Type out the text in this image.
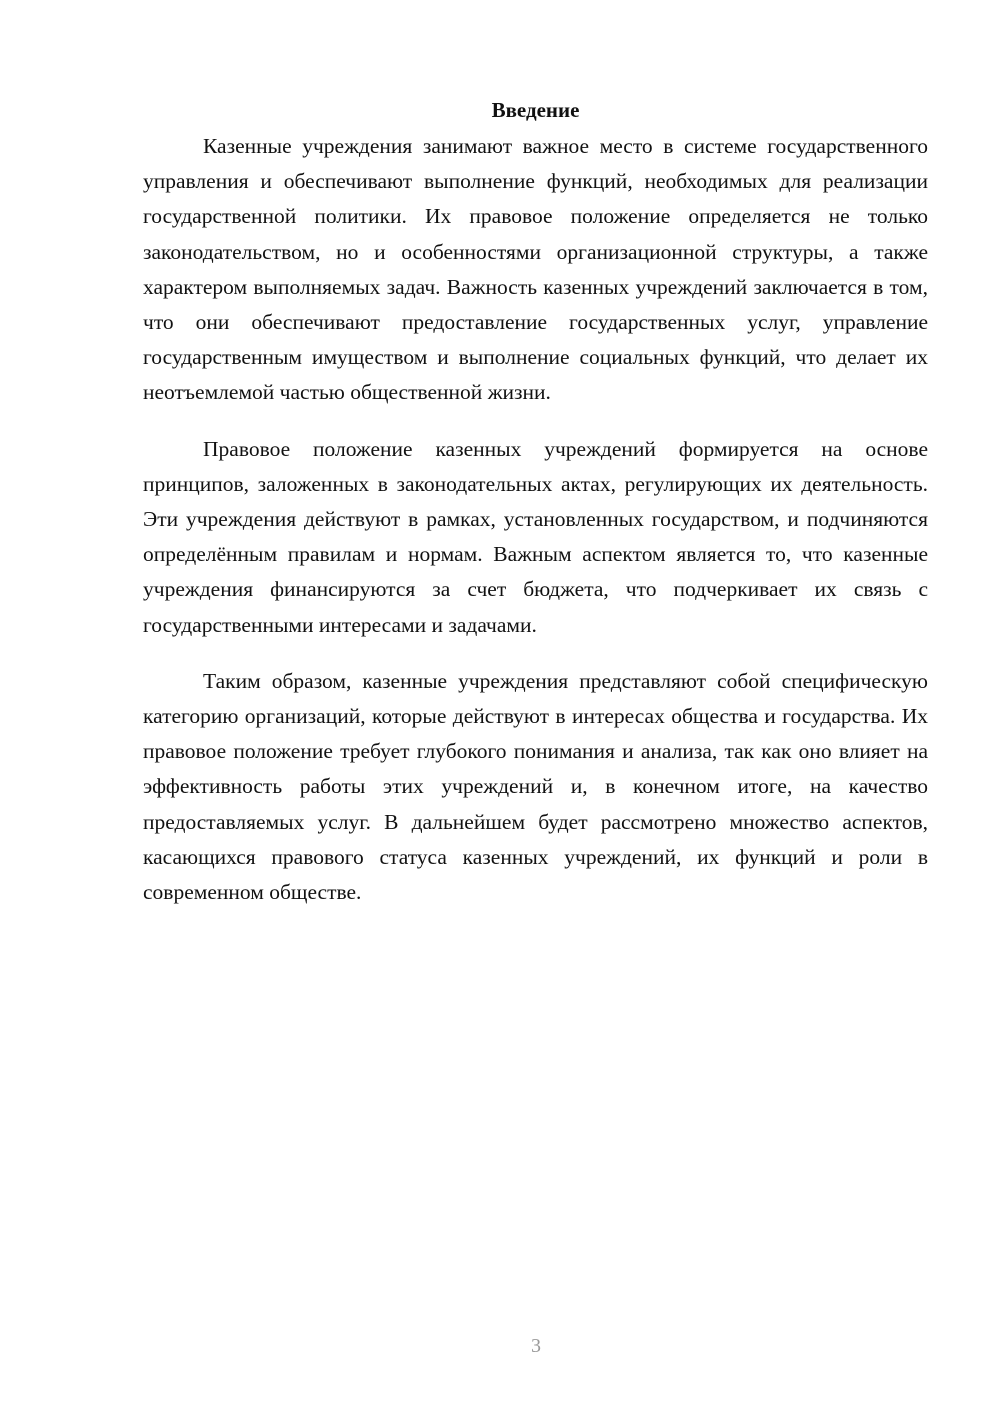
Введение

Казенные учреждения занимают важное место в системе государственного управления и обеспечивают выполнение функций, необходимых для реализации государственной политики. Их правовое положение определяется не только законодательством, но и особенностями организационной структуры, а также характером выполняемых задач. Важность казенных учреждений заключается в том, что они обеспечивают предоставление государственных услуг, управление государственным имуществом и выполнение социальных функций, что делает их неотъемлемой частью общественной жизни.

Правовое положение казенных учреждений формируется на основе принципов, заложенных в законодательных актах, регулирующих их деятельность. Эти учреждения действуют в рамках, установленных государством, и подчиняются определённым правилам и нормам. Важным аспектом является то, что казенные учреждения финансируются за счет бюджета, что подчеркивает их связь с государственными интересами и задачами.

Таким образом, казенные учреждения представляют собой специфическую категорию организаций, которые действуют в интересах общества и государства. Их правовое положение требует глубокого понимания и анализа, так как оно влияет на эффективность работы этих учреждений и, в конечном итоге, на качество предоставляемых услуг. В дальнейшем будет рассмотрено множество аспектов, касающихся правового статуса казенных учреждений, их функций и роли в современном обществе.

3
